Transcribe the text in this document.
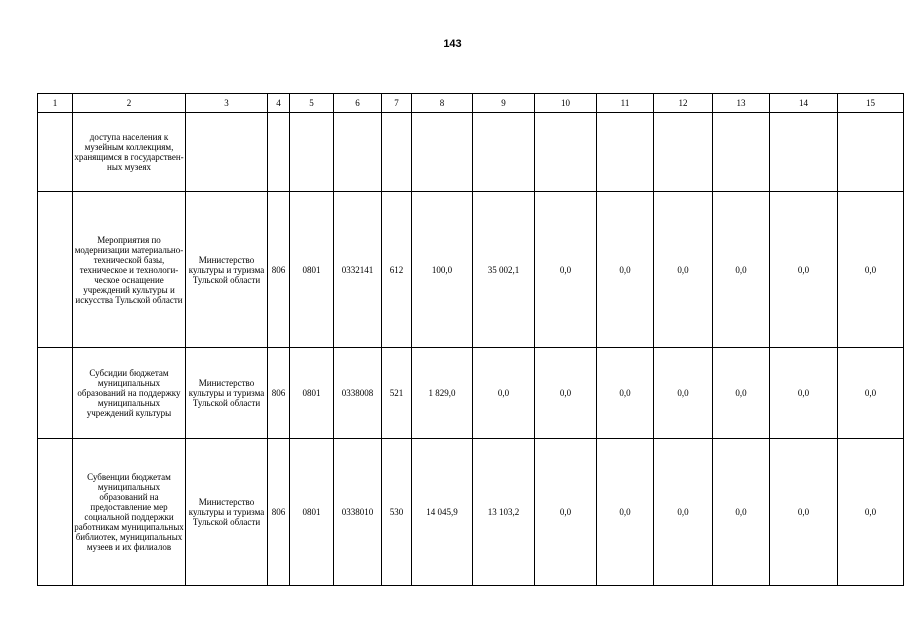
143
1	2	3	4	5	6	7	8	9	10	11	12	13	14	15
	доступа населения к музейным коллекциям, хранящимся в государствен-ных музеях													
	Мероприятия по модернизации материально-технической базы, техническое и технологи-ческое оснащение учреждений культуры и искусства Тульской области	Министерство культуры и туризма Тульской области	806	0801	0332141	612	100,0	35 002,1	0,0	0,0	0,0	0,0	0,0	0,0
	Субсидии бюджетам муниципальных образований на поддержку муниципальных учреждений культуры	Министерство культуры и туризма Тульской области	806	0801	0338008	521	1 829,0	0,0	0,0	0,0	0,0	0,0	0,0	0,0
	Субвенции бюджетам муниципальных образований на предоставление мер социальной поддержки работникам муниципальных библиотек, муниципальных музеев и их филиалов	Министерство культуры и туризма Тульской области	806	0801	0338010	530	14 045,9	13 103,2	0,0	0,0	0,0	0,0	0,0	0,0
